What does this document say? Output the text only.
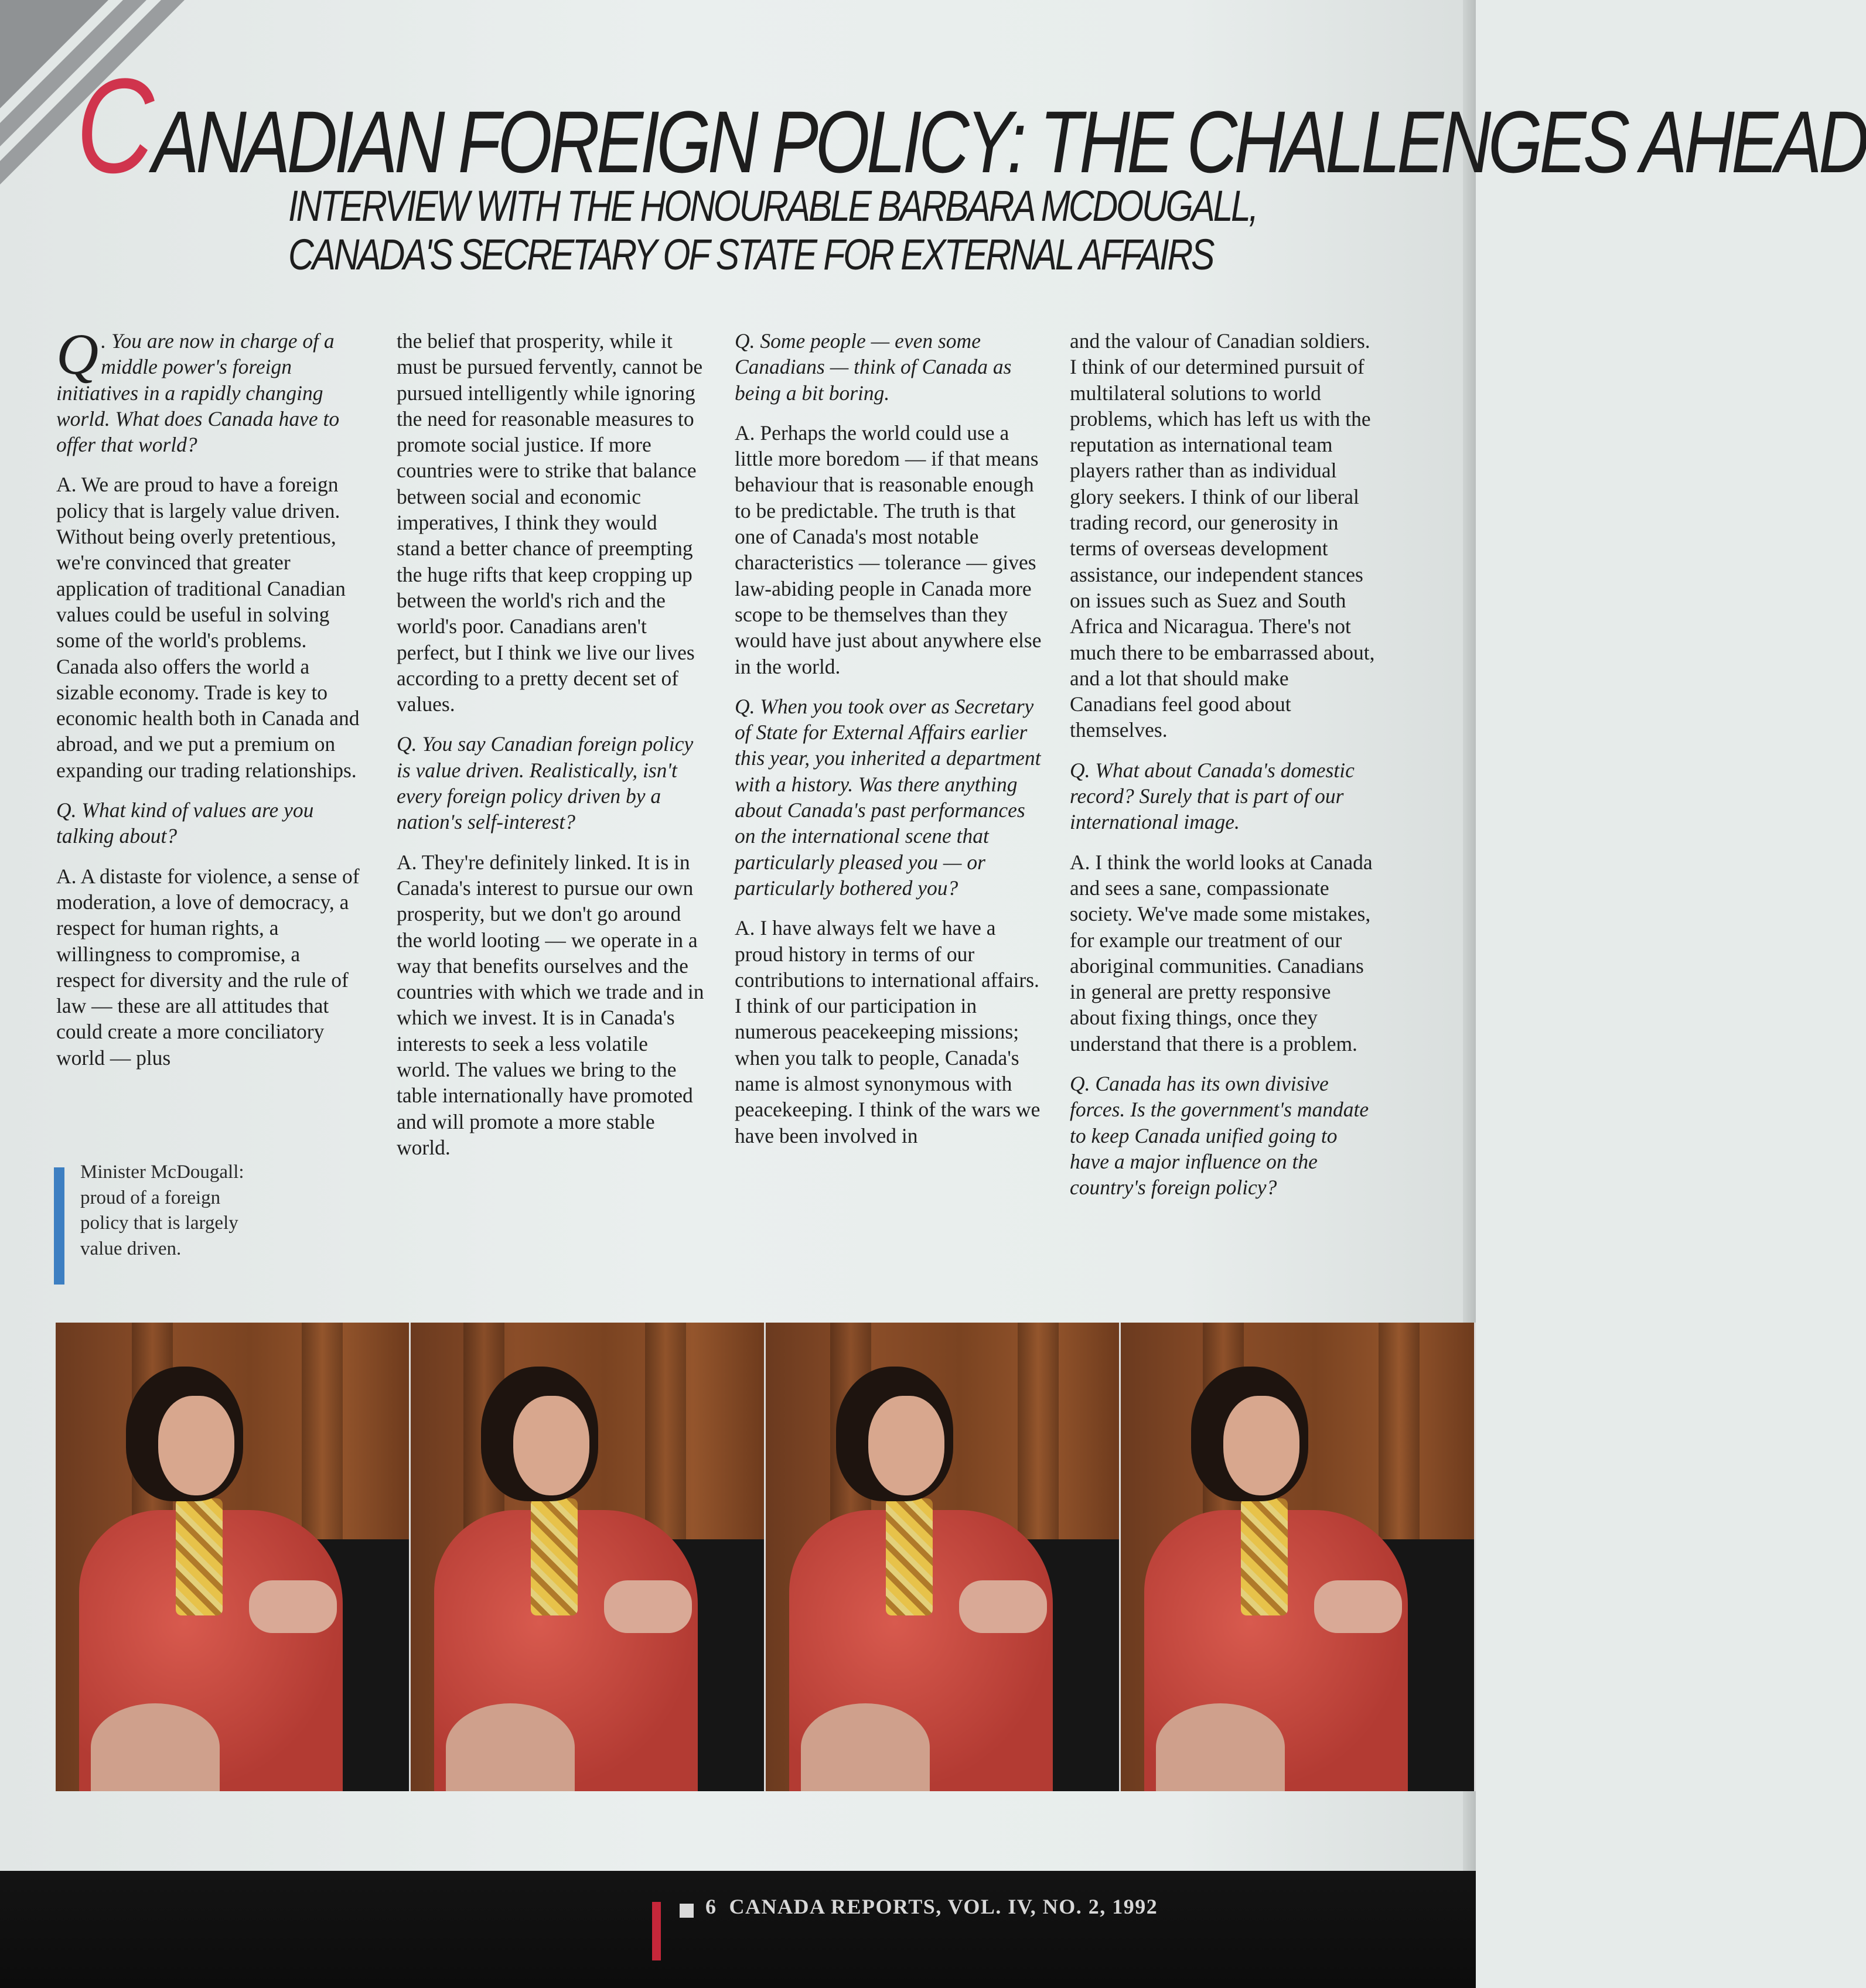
CANADIAN FOREIGN POLICY: THE CHALLENGES AHEAD
INTERVIEW WITH THE HONOURABLE BARBARA MCDOUGALL,
CANADA'S SECRETARY OF STATE FOR EXTERNAL AFFAIRS

Q . You are now in charge of a middle power's foreign initiatives in a rapidly changing world. What does Canada have to offer that world?

A. We are proud to have a foreign policy that is largely value driven. Without being overly pretentious, we're convinced that greater application of traditional Canadian values could be useful in solving some of the world's problems. Canada also offers the world a sizable economy. Trade is key to economic health both in Canada and abroad, and we put a premium on expanding our trading relationships.

Q. What kind of values are you talking about?

A. A distaste for violence, a sense of moderation, a love of democracy, a respect for human rights, a willingness to compromise, a respect for diversity and the rule of law — these are all attitudes that could create a more conciliatory world — plus

the belief that prosperity, while it must be pursued fervently, cannot be pursued intelligently while ignoring the need for reasonable measures to promote social justice. If more countries were to strike that balance between social and economic imperatives, I think they would stand a better chance of preempting the huge rifts that keep cropping up between the world's rich and the world's poor. Canadians aren't perfect, but I think we live our lives according to a pretty decent set of values.

Q. You say Canadian foreign policy is value driven. Realistically, isn't every foreign policy driven by a nation's self-interest?

A. They're definitely linked. It is in Canada's interest to pursue our own prosperity, but we don't go around the world looting — we operate in a way that benefits ourselves and the countries with which we trade and in which we invest. It is in Canada's interests to seek a less volatile world. The values we bring to the table internationally have promoted and will promote a more stable world.

Q. Some people — even some Canadians — think of Canada as being a bit boring.

A. Perhaps the world could use a little more boredom — if that means behaviour that is reasonable enough to be predictable. The truth is that one of Canada's most notable characteristics — tolerance — gives law-abiding people in Canada more scope to be themselves than they would have just about anywhere else in the world.

Q. When you took over as Secretary of State for External Affairs earlier this year, you inherited a department with a history. Was there anything about Canada's past performances on the international scene that particularly pleased you — or particularly bothered you?

A. I have always felt we have a proud history in terms of our contributions to international affairs. I think of our participation in numerous peacekeeping missions; when you talk to people, Canada's name is almost synonymous with peacekeeping. I think of the wars we have been involved in

and the valour of Canadian soldiers. I think of our determined pursuit of multilateral solutions to world problems, which has left us with the reputation as international team players rather than as individual glory seekers. I think of our liberal trading record, our generosity in terms of overseas development assistance, our independent stances on issues such as Suez and South Africa and Nicaragua. There's not much there to be embarrassed about, and a lot that should make Canadians feel good about themselves.

Q. What about Canada's domestic record? Surely that is part of our international image.

A. I think the world looks at Canada and sees a sane, compassionate society. We've made some mistakes, for example our treatment of our aboriginal communities. Canadians in general are pretty responsive about fixing things, once they understand that there is a problem.

Q. Canada has its own divisive forces. Is the government's mandate to keep Canada unified going to have a major influence on the country's foreign policy?

Minister McDougall: proud of a foreign policy that is largely value driven.
6 CANADA REPORTS, VOL. IV, NO. 2, 1992
